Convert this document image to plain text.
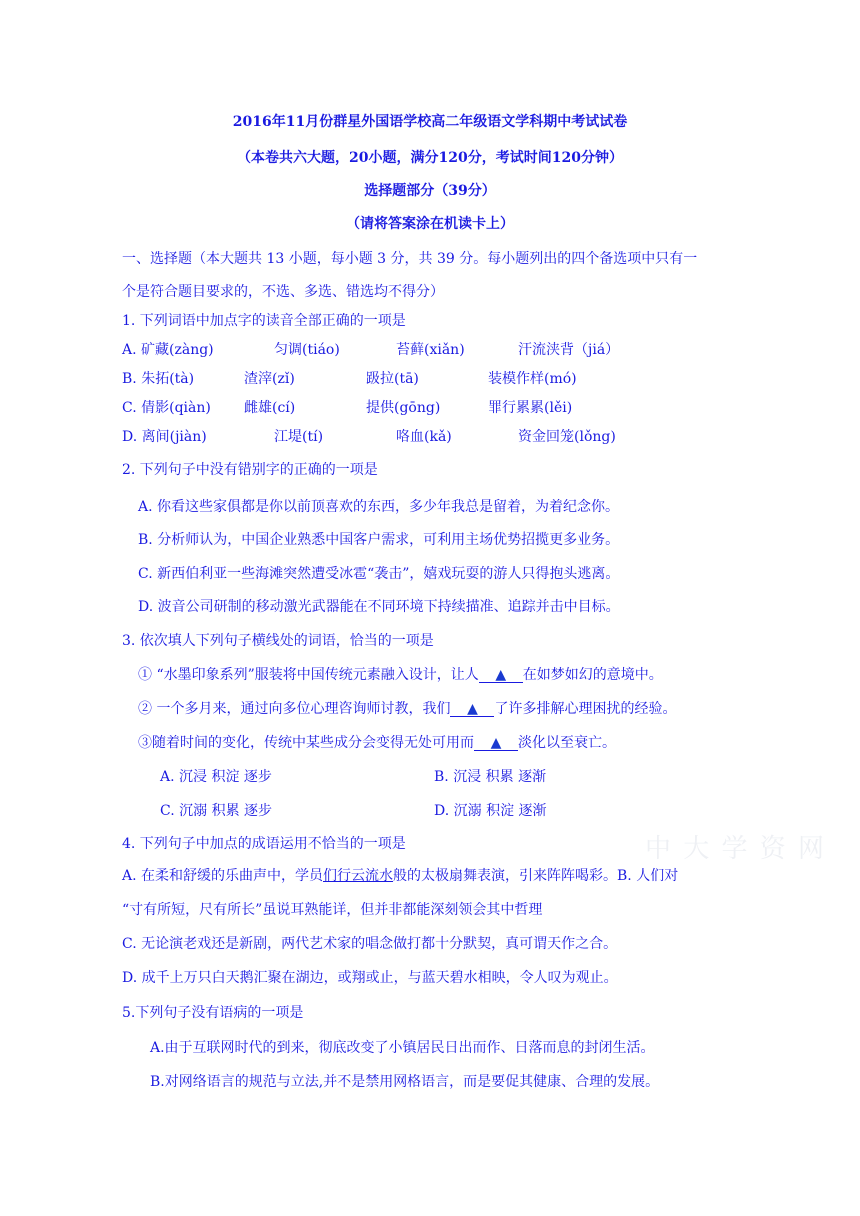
2016年11月份群星外国语学校高二年级语文学科期中考试试卷
（本卷共六大题，20小题，满分120分，考试时间120分钟）
选择题部分（39分）
（请将答案涂在机读卡上）
一、选择题（本大题共 13 小题，每小题 3 分，共 39 分。每小题列出的四个备选项中只有一
个是符合题目要求的，不选、多选、错选均不得分）
1. 下列词语中加点字的读音全部正确的一项是
A. 矿藏(zàng)	匀调(tiáo)	苔藓(xiǎn)	汗流浃背（jiá）
B. 朱拓(tà)	渣滓(zǐ)	趿拉(tā)	装模作样(mó)
C. 倩影(qiàn) 雌雄(cí)	提供(gōng)	罪行累累(lěi)
D. 离间(jiàn)	江堤(tí)	咯血(kǎ)	资金回笼(lǒng)
2. 下列句子中没有错别字的正确的一项是
A. 你看这些家俱都是你以前顶喜欢的东西，多少年我总是留着，为着纪念你。
B. 分析师认为，中国企业熟悉中国客户需求，可利用主场优势招揽更多业务。
C. 新西伯利亚一些海滩突然遭受冰雹“袭击”，嬉戏玩耍的游人只得抱头逃离。
D. 波音公司研制的移动激光武器能在不同环境下持续描准、追踪并击中目标。
3. 依次填人下列句子横线处的词语，恰当的一项是
① “水墨印象系列”服装将中国传统元素融入设计，让人 ▲ 在如梦如幻的意境中。
② 一个多月来，通过向多位心理咨询师讨教，我们 ▲ 了许多排解心理困扰的经验。
③随着时间的变化，传统中某些成分会变得无处可用而 ▲ 淡化以至衰亡。
A. 沉浸 积淀 逐步	B. 沉浸 积累 逐渐
C. 沉溺 积累 逐步	D. 沉溺 积淀 逐渐
4. 下列句子中加点的成语运用不恰当的一项是	中 大 学 资 网
A. 在柔和舒缓的乐曲声中，学员们行云流水般的太极扇舞表演，引来阵阵喝彩。B. 人们对
“寸有所短，尺有所长”虽说耳熟能详，但并非都能深刻领会其中哲理
C. 无论演老戏还是新剧，两代艺术家的唱念做打都十分默契，真可谓天作之合。
D. 成千上万只白天鹅汇聚在湖边，或翔或止，与蓝天碧水相映，令人叹为观止。
5.下列句子没有语病的一项是
A.由于互联网时代的到来，彻底改变了小镇居民日出而作、日落而息的封闭生活。
B.对网络语言的规范与立法,并不是禁用网格语言，而是要促其健康、合理的发展。
